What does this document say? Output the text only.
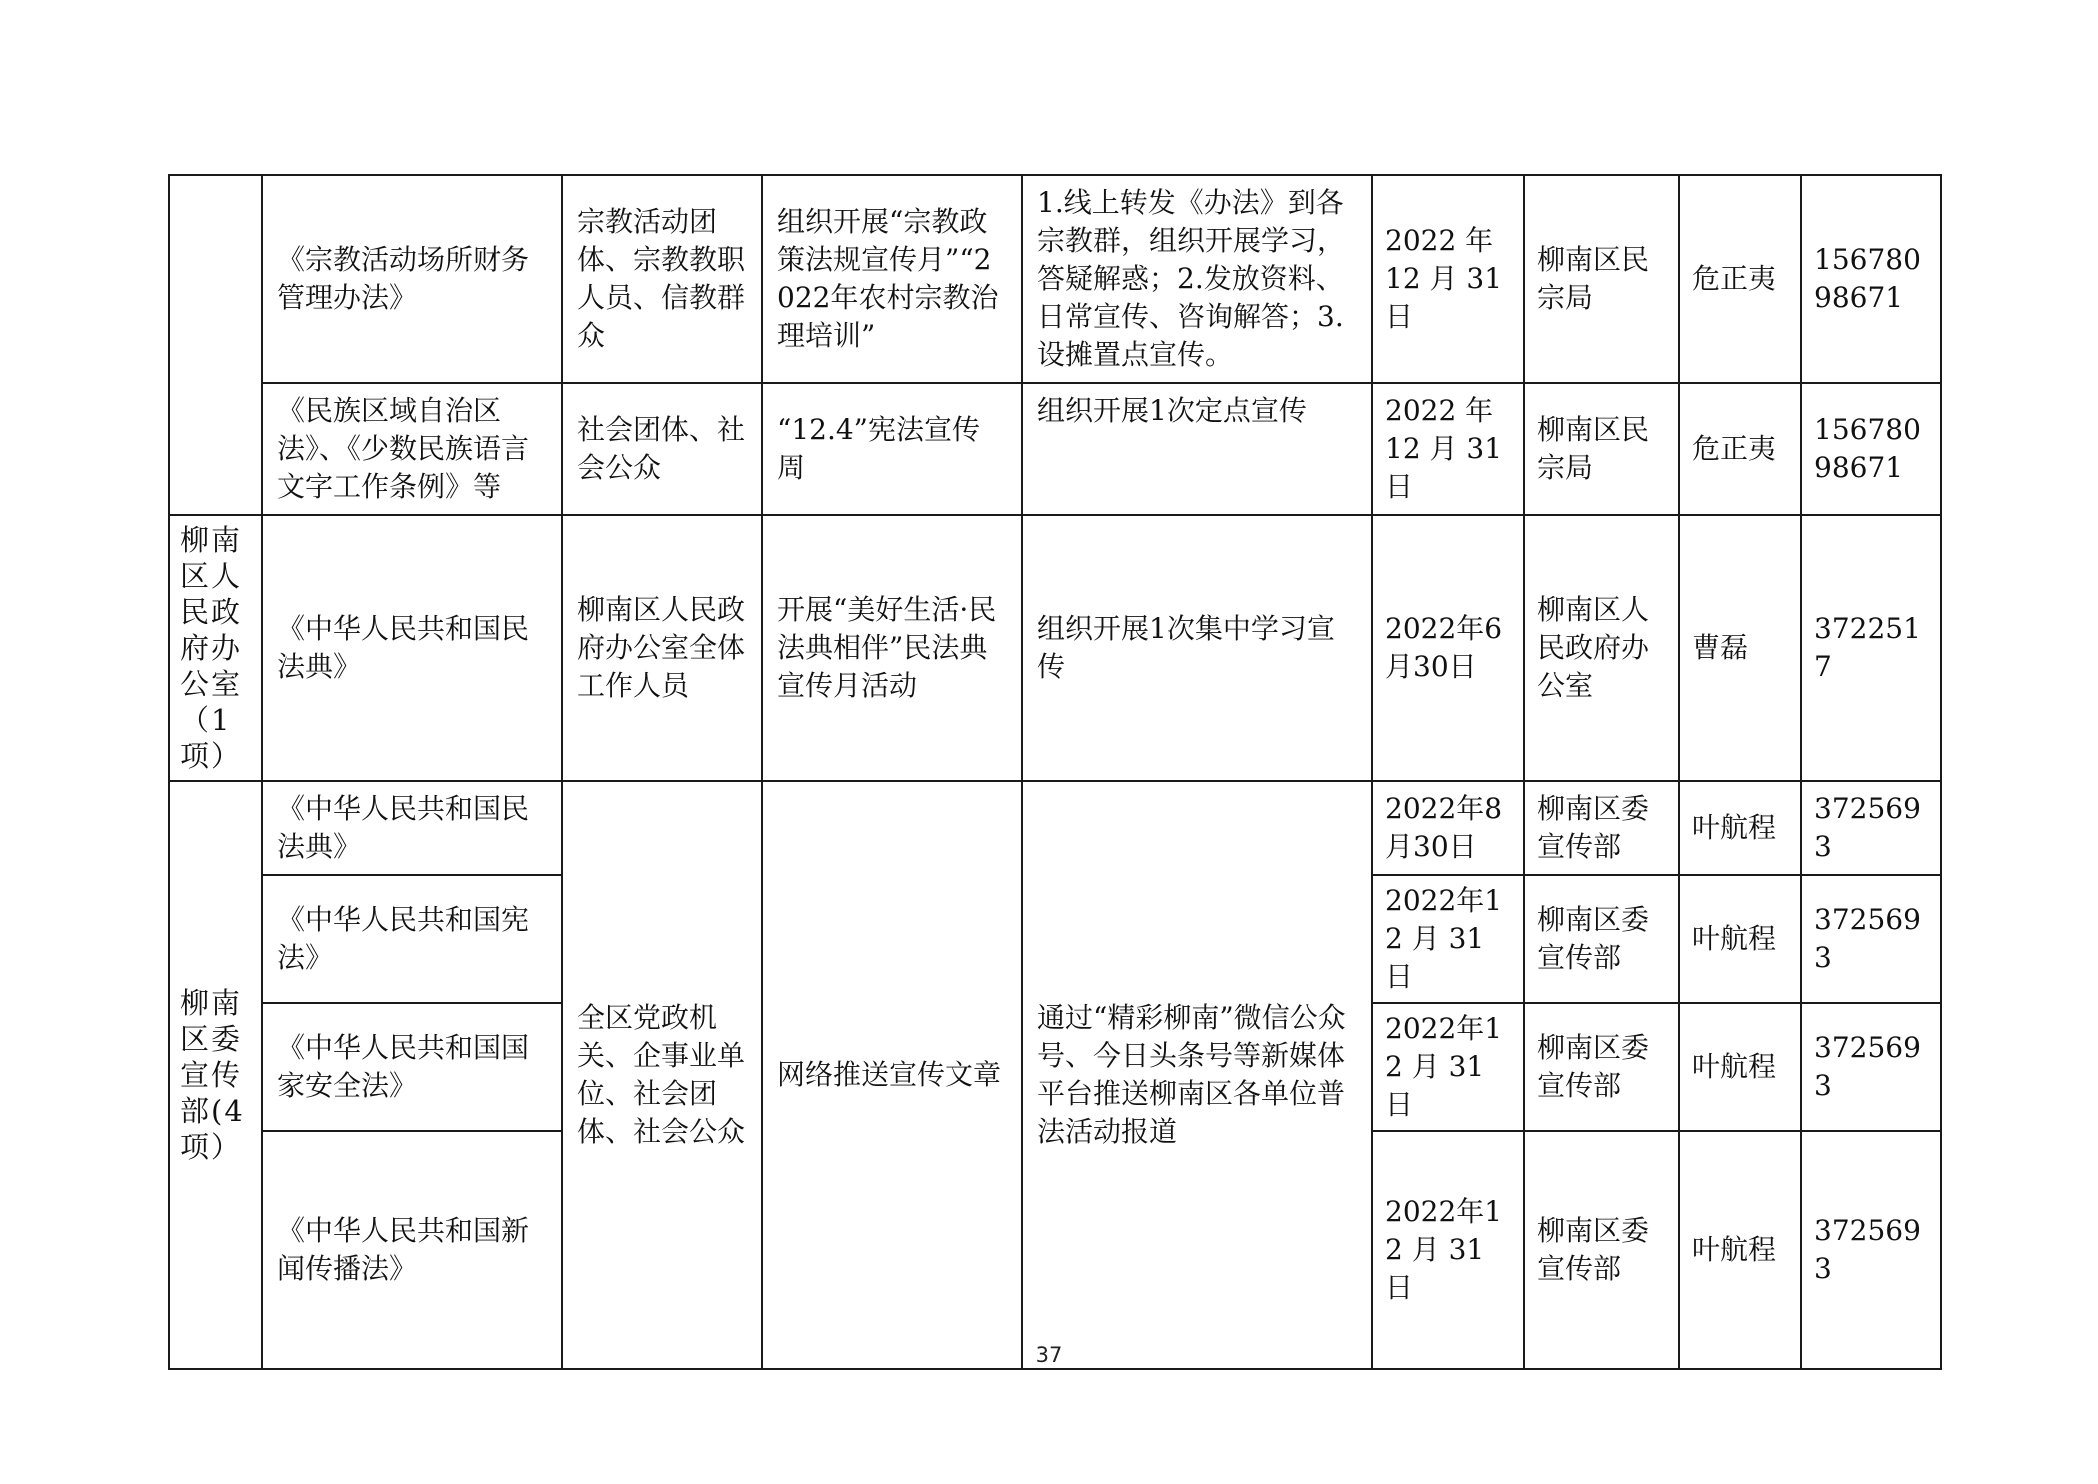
	《宗教活动场所财务管理办法》	宗教活动团体、宗教教职人员、信教群众	组织开展“宗教政策法规宣传月”“2022年农村宗教治理培训”	1.线上转发《办法》到各宗教群，组织开展学习，答疑解惑；2.发放资料、日常宣传、咨询解答；3.设摊置点宣传。	2022 年 12 月 31 日	柳南区民宗局	危正夷	15678098671
	《民族区域自治区法》、《少数民族语言文字工作条例》等	社会团体、社会公众	“12.4”宪法宣传周	组织开展1次定点宣传	2022 年 12 月 31 日	柳南区民宗局	危正夷	15678098671
柳南区人民政府办公室（1项）	《中华人民共和国民法典》	柳南区人民政府办公室全体工作人员	开展“美好生活·民法典相伴”民法典宣传月活动	组织开展1次集中学习宣传	2022年6月30日	柳南区人民政府办公室	曹磊	3722517
柳南区委宣传部(4项）	《中华人民共和国民法典》	全区党政机关、企事业单位、社会团体、社会公众	网络推送宣传文章	通过“精彩柳南”微信公众号、今日头条号等新媒体平台推送柳南区各单位普法活动报道	2022年8月30日	柳南区委宣传部	叶航程	3725693
	《中华人民共和国宪法》				2022年12 月 31 日	柳南区委宣传部	叶航程	3725693
	《中华人民共和国国家安全法》				2022年12 月 31 日	柳南区委宣传部	叶航程	3725693
	《中华人民共和国新闻传播法》				2022年12 月 31 日	柳南区委宣传部	叶航程	3725693
37
